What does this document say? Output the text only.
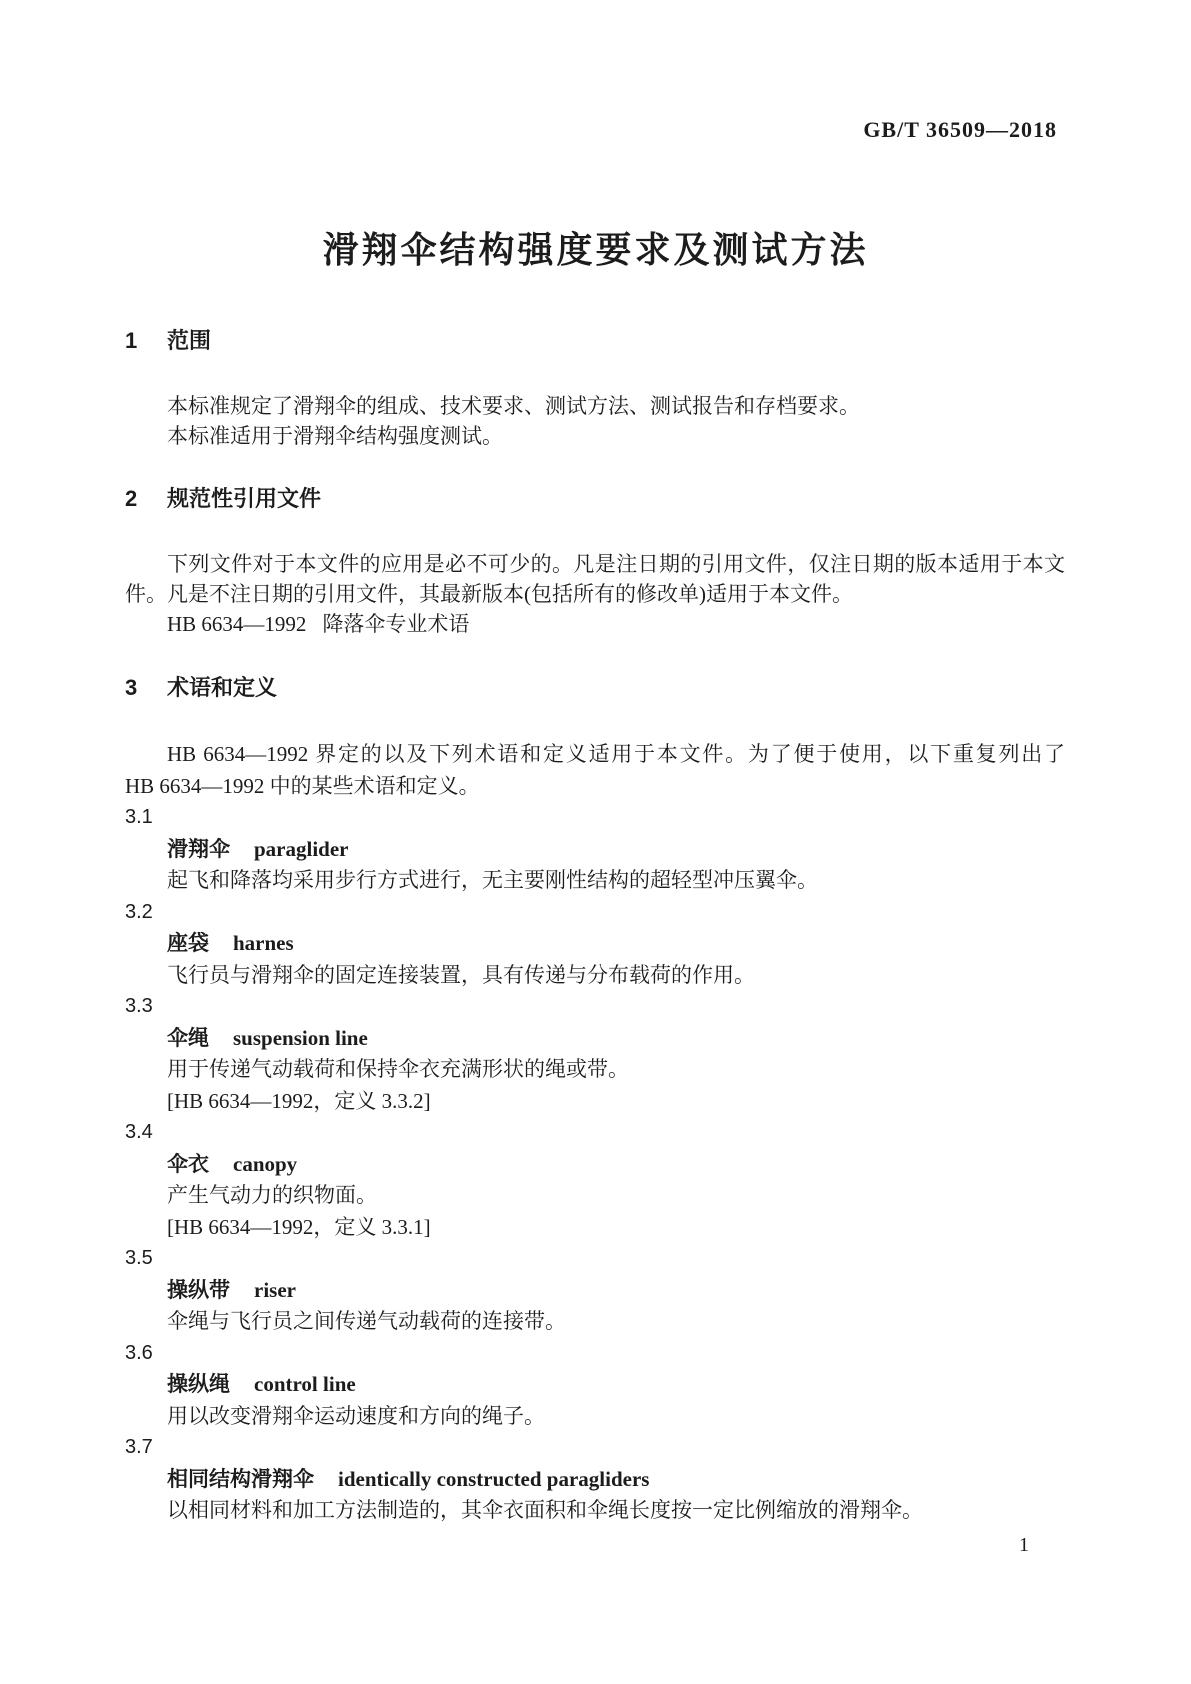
GB/T 36509—2018
滑翔伞结构强度要求及测试方法
1 范围

本标准规定了滑翔伞的组成、技术要求、测试方法、测试报告和存档要求。

本标准适用于滑翔伞结构强度测试。

2 规范性引用文件

下列文件对于本文件的应用是必不可少的。凡是注日期的引用文件，仅注日期的版本适用于本文件。凡是不注日期的引用文件，其最新版本(包括所有的修改单)适用于本文件。

HB 6634—1992 降落伞专业术语

3 术语和定义

HB 6634—1992 界定的以及下列术语和定义适用于本文件。为了便于使用，以下重复列出了 HB 6634—1992 中的某些术语和定义。

3.1
滑翔伞 paraglider
起飞和降落均采用步行方式进行，无主要刚性结构的超轻型冲压翼伞。
3.2
座袋 harnes
飞行员与滑翔伞的固定连接装置，具有传递与分布载荷的作用。
3.3
伞绳 suspension line
用于传递气动载荷和保持伞衣充满形状的绳或带。
[HB 6634—1992，定义 3.3.2]
3.4
伞衣 canopy
产生气动力的织物面。
[HB 6634—1992，定义 3.3.1]
3.5
操纵带 riser
伞绳与飞行员之间传递气动载荷的连接带。
3.6
操纵绳 control line
用以改变滑翔伞运动速度和方向的绳子。
3.7
相同结构滑翔伞 identically constructed paragliders
以相同材料和加工方法制造的，其伞衣面积和伞绳长度按一定比例缩放的滑翔伞。
1
